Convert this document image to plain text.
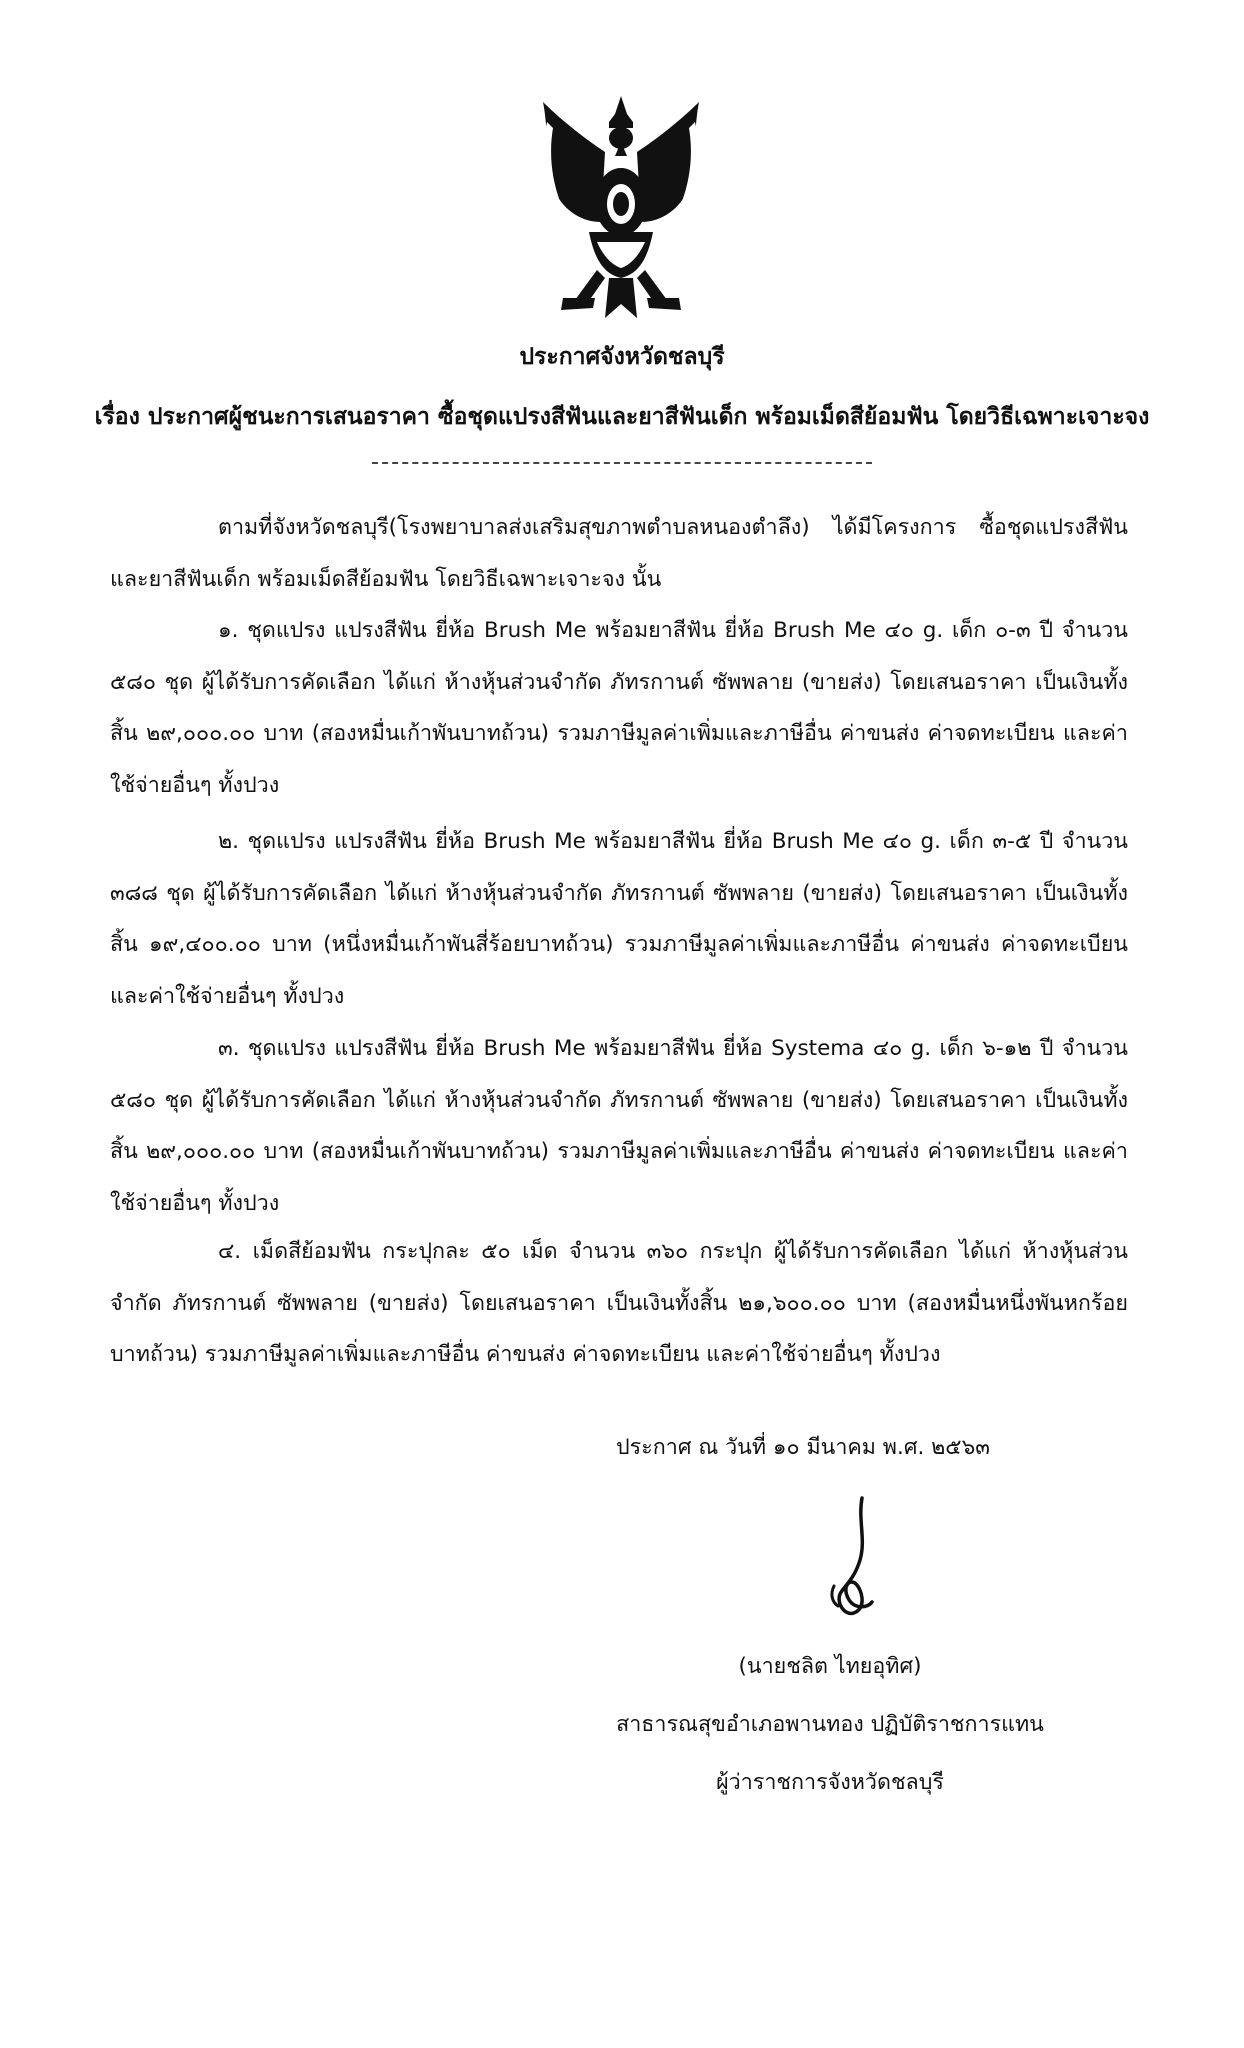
ประกาศจังหวัดชลบุรี
เรื่อง ประกาศผู้ชนะการเสนอราคา ซื้อชุดแปรงสีฟันและยาสีฟันเด็ก พร้อมเม็ดสีย้อมฟัน โดยวิธีเฉพาะเจาะจง

ตามที่จังหวัดชลบุรี(โรงพยาบาลส่งเสริมสุขภาพตำบลหนองตำลึง) ได้มีโครงการ ซื้อชุดแปรงสีฟันและยาสีฟันเด็ก พร้อมเม็ดสีย้อมฟัน โดยวิธีเฉพาะเจาะจง นั้น

๑. ชุดแปรง แปรงสีฟัน ยี่ห้อ Brush Me พร้อมยาสีฟัน ยี่ห้อ Brush Me ๔๐ g. เด็ก ๐-๓ ปี จำนวน ๕๘๐ ชุด ผู้ได้รับการคัดเลือก ได้แก่ ห้างหุ้นส่วนจำกัด ภัทรกานต์ ซัพพลาย (ขายส่ง) โดยเสนอราคา เป็นเงินทั้งสิ้น ๒๙,๐๐๐.๐๐ บาท (สองหมื่นเก้าพันบาทถ้วน) รวมภาษีมูลค่าเพิ่มและภาษีอื่น ค่าขนส่ง ค่าจดทะเบียน และค่าใช้จ่ายอื่นๆ ทั้งปวง

๒. ชุดแปรง แปรงสีฟัน ยี่ห้อ Brush Me พร้อมยาสีฟัน ยี่ห้อ Brush Me ๔๐ g. เด็ก ๓-๕ ปี จำนวน ๓๘๘ ชุด ผู้ได้รับการคัดเลือก ได้แก่ ห้างหุ้นส่วนจำกัด ภัทรกานต์ ซัพพลาย (ขายส่ง) โดยเสนอราคา เป็นเงินทั้งสิ้น ๑๙,๔๐๐.๐๐ บาท (หนึ่งหมื่นเก้าพันสี่ร้อยบาทถ้วน) รวมภาษีมูลค่าเพิ่มและภาษีอื่น ค่าขนส่ง ค่าจดทะเบียน และค่าใช้จ่ายอื่นๆ ทั้งปวง

๓. ชุดแปรง แปรงสีฟัน ยี่ห้อ Brush Me พร้อมยาสีฟัน ยี่ห้อ Systema ๔๐ g. เด็ก ๖-๑๒ ปี จำนวน ๕๘๐ ชุด ผู้ได้รับการคัดเลือก ได้แก่ ห้างหุ้นส่วนจำกัด ภัทรกานต์ ซัพพลาย (ขายส่ง) โดยเสนอราคา เป็นเงินทั้งสิ้น ๒๙,๐๐๐.๐๐ บาท (สองหมื่นเก้าพันบาทถ้วน) รวมภาษีมูลค่าเพิ่มและภาษีอื่น ค่าขนส่ง ค่าจดทะเบียน และค่าใช้จ่ายอื่นๆ ทั้งปวง

๔. เม็ดสีย้อมฟัน กระปุกละ ๕๐ เม็ด จำนวน ๓๖๐ กระปุก ผู้ได้รับการคัดเลือก ได้แก่ ห้างหุ้นส่วนจำกัด ภัทรกานต์ ซัพพลาย (ขายส่ง) โดยเสนอราคา เป็นเงินทั้งสิ้น ๒๑,๖๐๐.๐๐ บาท (สองหมื่นหนึ่งพันหกร้อยบาทถ้วน) รวมภาษีมูลค่าเพิ่มและภาษีอื่น ค่าขนส่ง ค่าจดทะเบียน และค่าใช้จ่ายอื่นๆ ทั้งปวง

ประกาศ ณ วันที่ ๑๐ มีนาคม พ.ศ. ๒๕๖๓
(นายชลิต ไทยอุทิศ)
สาธารณสุขอำเภอพานทอง ปฏิบัติราชการแทน
ผู้ว่าราชการจังหวัดชลบุรี
